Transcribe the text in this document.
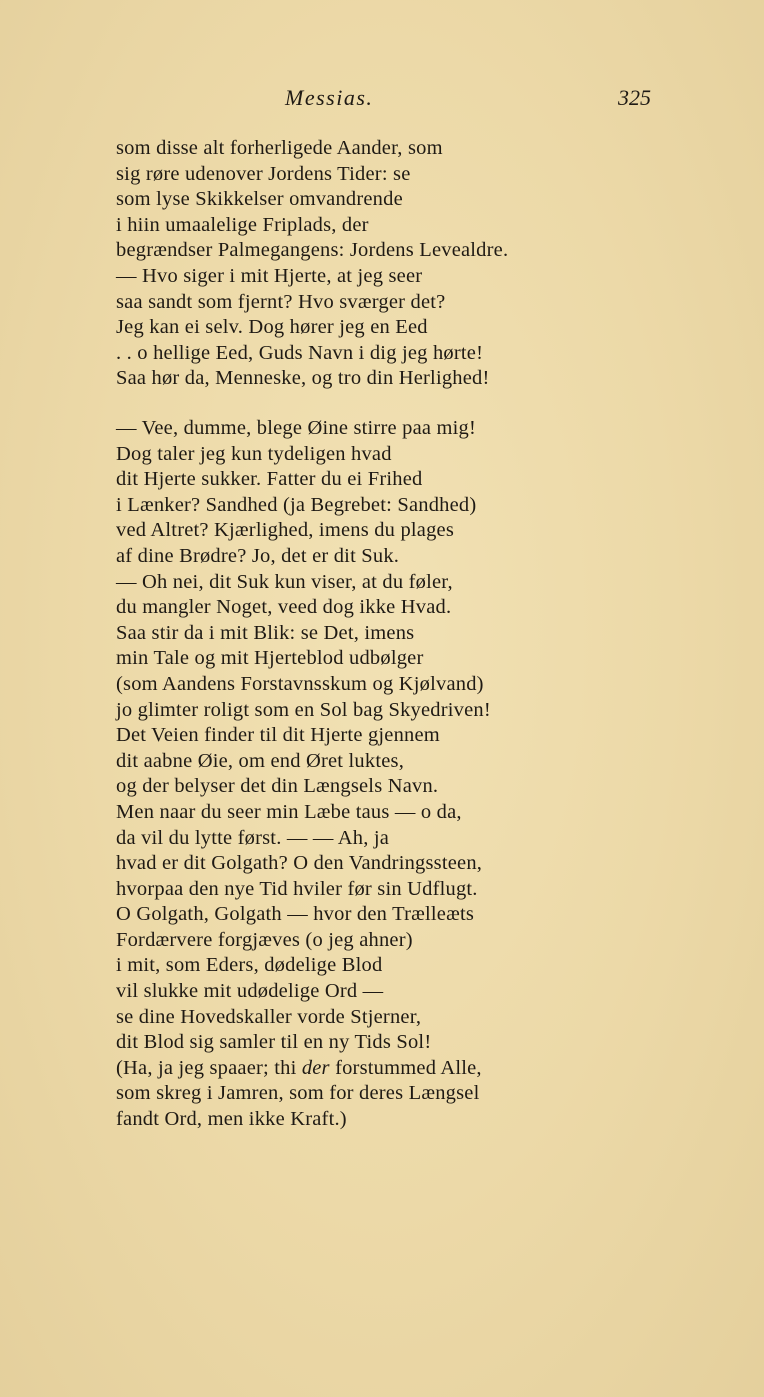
Messias.	325
som disse alt forherligede Aander, som
sig røre udenover Jordens Tider: se
som lyse Skikkelser omvandrende
i hiin umaalelige Friplads, der
begrænds​er Palmegangens: Jordens Levealdre.
— Hvo siger i mit Hjerte, at jeg seer
saa sandt som fjernt? Hvo sværger det?
Jeg kan ei selv. Dog hører jeg en Eed
. . o hellige Eed, Guds Navn i dig jeg hørte!
Saa hør da, Menneske, og tro din Herlighed!
— Vee, dumme, blege Øine stirre paa mig!
Dog taler jeg kun tydeligen hvad
dit Hjerte sukker. Fatter du ei Frihed
i Lænker? Sandhed (ja Begrebet: Sandhed)
ved Altret? Kjærlighed, imens du plages
af dine Brødre? Jo, det er dit Suk.
— Oh nei, dit Suk kun viser, at du føler,
du mangler Noget, veed dog ikke Hvad.
Saa stir da i mit Blik: se Det, imens
min Tale og mit Hjerteblod udbølger
(som Aandens Forstavnsskum og Kjølvand)
jo glimter roligt som en Sol bag Skyedriven!
Det Veien finder til dit Hjerte gjennem
dit aabne Øie, om end Øret luktes,
og der belyser det din Længsels Navn.
Men naar du seer min Læbe taus — o da,
da vil du lytte først. — — Ah, ja
hvad er dit Golgath? O den Vandringssteen,
hvorpaa den nye Tid hviler før sin Udflugt.
O Golgath, Golgath — hvor den Trælleæts
Fordærvere forgjæves (o jeg ahner)
i mit, som Eders, dødelige Blod
vil slukke mit udødelige Ord —
se dine Hovedskaller vorde Stjerner,
dit Blod sig samler til en ny Tids Sol!
(Ha, ja jeg spaaer; thi der forstummed Alle,
som skreg i Jamren, som for deres Længsel
fandt Ord, men ikke Kraft.)
